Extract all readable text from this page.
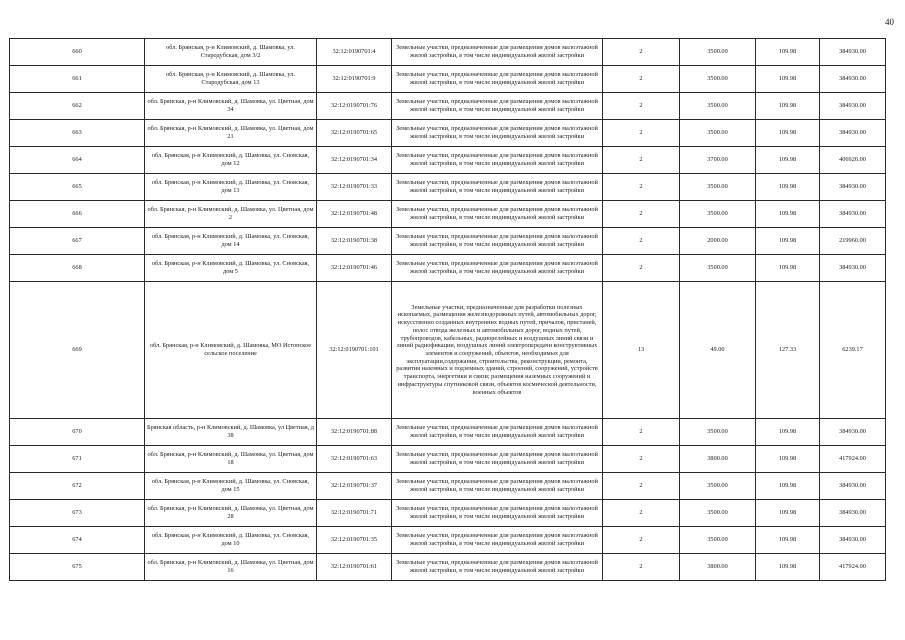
40
660	обл. Брянская, р-н Климовский, д. Шамовка, ул. Стародубская, дом 3/2	32:12:0190701:4	Земельные участки, предназначенные для размещения домов малоэтажной жилой застройки, в том числе индивидуальной жилой застройки	2	3500.00	109.98	384930.00
661	обл. Брянская, р-н Климовский, д. Шамовка, ул. Стародубская, дом 13	32:12:0190701:9	Земельные участки, предназначенные для размещения домов малоэтажной жилой застройки, в том числе индивидуальной жилой застройки	2	3500.00	109.98	384930.00
662	обл. Брянская, р-н Климовский, д. Шамовка, ул. Цветная, дом 34	32:12:0190701:76	Земельные участки, предназначенные для размещения домов малоэтажной жилой застройки, в том числе индивидуальной жилой застройки	2	3500.00	109.98	384930.00
663	обл. Брянская, р-н Климовский, д. Шамовка, ул. Цветная, дом 21	32:12:0190701:65	Земельные участки, предназначенные для размещения домов малоэтажной жилой застройки, в том числе индивидуальной жилой застройки	2	3500.00	109.98	384930.00
664	обл. Брянская, р-н Климовский, д. Шамовка, ул. Сновская, дом 12	32:12:0190701:34	Земельные участки, предназначенные для размещения домов малоэтажной жилой застройки, в том числе индивидуальной жилой застройки	2	3700.00	109.98	406926.00
665	обл. Брянская, р-н Климовский, д. Шамовка, ул. Сновская, дом 13	32:12:0190701:33	Земельные участки, предназначенные для размещения домов малоэтажной жилой застройки, в том числе индивидуальной жилой застройки	2	3500.00	109.98	384930.00
666	обл. Брянская, р-н Климовский, д. Шамовка, ул. Цветная, дом 2	32:12:0190701:48	Земельные участки, предназначенные для размещения домов малоэтажной жилой застройки, в том числе индивидуальной жилой застройки	2	3500.00	109.98	384930.00
667	обл. Брянская, р-н Климовский, д. Шамовка, ул. Сновская, дом 14	32:12:0190701:38	Земельные участки, предназначенные для размещения домов малоэтажной жилой застройки, в том числе индивидуальной жилой застройки	2	2000.00	109.98	219960.00
668	обл. Брянская, р-н Климовский, д. Шамовка, ул. Сновская, дом 5	32:12:0190701:46	Земельные участки, предназначенные для размещения домов малоэтажной жилой застройки, в том числе индивидуальной жилой застройки	2	3500.00	109.98	384930.00
669	обл. Брянская, р-н Климовский, д. Шамовка, МО Истопское сельское поселение	32:12:0190701:101	Земельные участки, предназначенные для разработки полезных ископаемых, размещения железнодорожных путей, автомобильных дорог, искусственно созданных внутренних водных путей, причалов, пристаней, полос отвода железных и автомобильных дорог, водных путей, трубопроводов, кабельных, радиорелейных и воздушных линий связи и линий радиофикации, воздушных линий электропередачи конструктивных элементов и сооружений, объектов, необходимых для эксплуатации,содержания, строительства, реконструкции, ремонта, развития наземных и подземных зданий, строений, сооружений, устройств транспорта, энергетики и связи; размещения наземных сооружений и инфраструктуры спутниковой связи, объектов космической деятельности, военных объектов	13	49.00	127.33	6239.17
670	Брянская область, р-н Климовский, д. Шамовка, ул Цветная, д 38	32:12:0190701:88	Земельные участки, предназначенные для размещения домов малоэтажной жилой застройки, в том числе индивидуальной жилой застройки	2	3500.00	109.98	384930.00
671	обл. Брянская, р-н Климовский, д. Шамовка, ул. Цветная, дом 18	32:12:0190701:63	Земельные участки, предназначенные для размещения домов малоэтажной жилой застройки, в том числе индивидуальной жилой застройки	2	3800.00	109.98	417924.00
672	обл. Брянская, р-н Климовский, д. Шамовка, ул. Сновская, дом 15	32:12:0190701:37	Земельные участки, предназначенные для размещения домов малоэтажной жилой застройки, в том числе индивидуальной жилой застройки	2	3500.00	109.98	384930.00
673	обл. Брянская, р-н Климовский, д. Шамовка, ул. Цветная, дом 28	32:12:0190701:71	Земельные участки, предназначенные для размещения домов малоэтажной жилой застройки, в том числе индивидуальной жилой застройки	2	3500.00	109.98	384930.00
674	обл. Брянская, р-н Климовский, д. Шамовка, ул. Сновская, дом 10	32:12:0190701:35	Земельные участки, предназначенные для размещения домов малоэтажной жилой застройки, в том числе индивидуальной жилой застройки	2	3500.00	109.98	384930.00
675	обл. Брянская, р-н Климовский, д. Шамовка, ул. Цветная, дом 16	32:12:0190701:61	Земельные участки, предназначенные для размещения домов малоэтажной жилой застройки, в том числе индивидуальной жилой застройки	2	3800.00	109.98	417924.00
